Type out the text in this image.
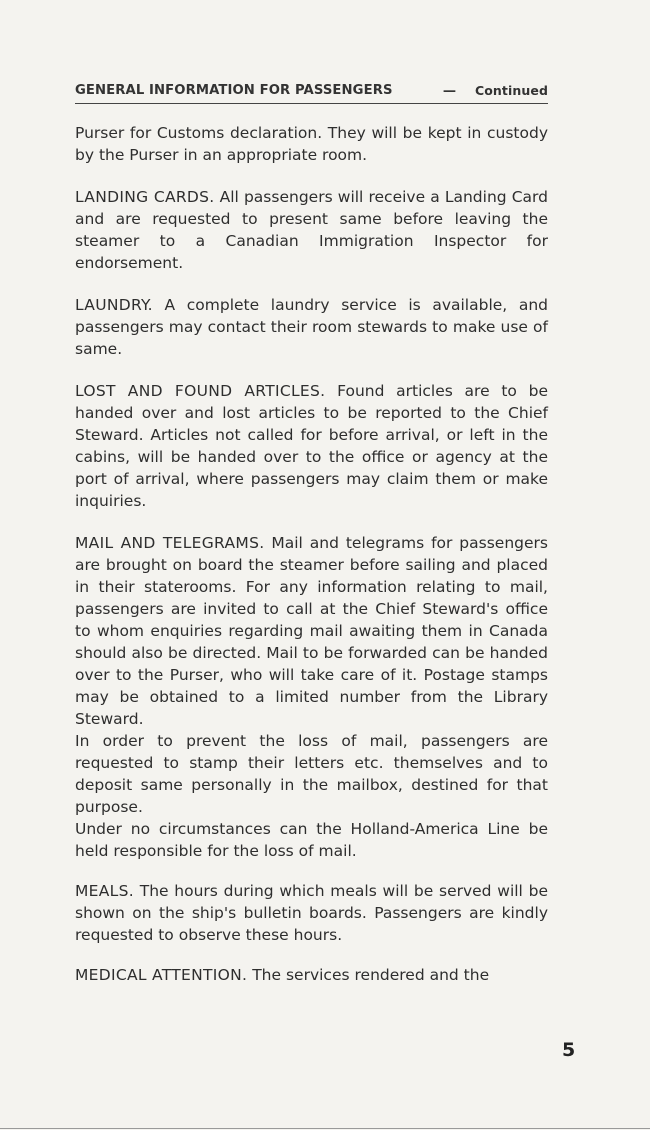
GENERAL INFORMATION FOR PASSENGERS	— Continued

Purser for Customs declaration. They will be kept in custody by the Purser in an appropriate room.

LANDING CARDS. All passengers will receive a Landing Card and are requested to present same before leaving the steamer to a Canadian Immigration Inspector for endorsement.

LAUNDRY. A complete laundry service is available, and passengers may contact their room stewards to make use of same.

LOST AND FOUND ARTICLES. Found articles are to be handed over and lost articles to be reported to the Chief Steward. Articles not called for before arrival, or left in the cabins, will be handed over to the office or agency at the port of arrival, where passengers may claim them or make inquiries.

MAIL AND TELEGRAMS. Mail and telegrams for passengers are brought on board the steamer before sailing and placed in their staterooms. For any information relating to mail, passengers are invited to call at the Chief Steward's office to whom enquiries regarding mail awaiting them in Canada should also be directed. Mail to be forwarded can be handed over to the Purser, who will take care of it. Postage stamps may be obtained to a limited number from the Library Steward.

In order to prevent the loss of mail, passengers are requested to stamp their letters etc. themselves and to deposit same personally in the mailbox, destined for that purpose.

Under no circumstances can the Holland-America Line be held responsible for the loss of mail.

MEALS. The hours during which meals will be served will be shown on the ship's bulletin boards. Passengers are kindly requested to observe these hours.

MEDICAL ATTENTION. The services rendered and the

5
